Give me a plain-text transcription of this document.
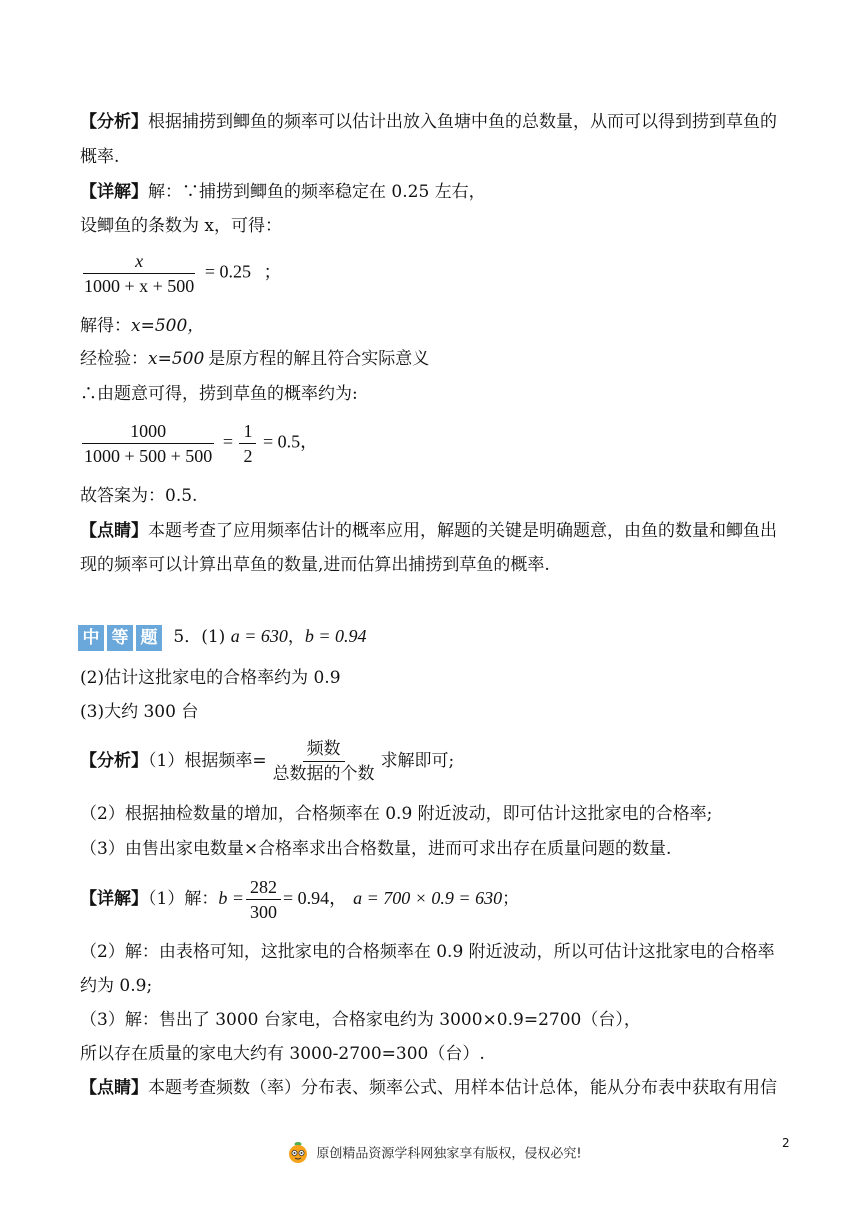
【分析】根据捕捞到鲫鱼的频率可以估计出放入鱼塘中鱼的总数量，从而可以得到捞到草鱼的
概率.
【详解】解：∵捕捞到鲫鱼的频率稳定在 0.25 左右，
设鲫鱼的条数为 x，可得：
$\frac{x}{1000 + x + 500} = 0.25$ ；
解得：x=500，
经检验：x=500 是原方程的解且符合实际意义
∴由题意可得，捞到草鱼的概率约为:
$\frac{1000}{1000 + 500 + 500} = \frac{1}{2} = 0.5$，
故答案为：0.5.
【点睛】本题考查了应用频率估计的概率应用，解题的关键是明确题意，由鱼的数量和鲫鱼出
现的频率可以计算出草鱼的数量,进而估算出捕捞到草鱼的概率.
中 等 题 5．(1) a = 630，b = 0.94
(2)估计这批家电的合格率约为 0.9
(3)大约 300 台
【分析】（1）根据频率= $\frac{\text{频数}}{\text{总数据的个数}}$ 求解即可;
（2）根据抽检数量的增加，合格频率在 0.9 附近波动，即可估计这批家电的合格率;
（3）由售出家电数量×合格率求出合格数量，进而可求出存在质量问题的数量.
【详解】（1）解：$b = \frac{282}{300} = 0.94$， a = 700 × 0.9 = 630；
（2）解：由表格可知，这批家电的合格频率在 0.9 附近波动，所以可估计这批家电的合格率
约为 0.9;
（3）解：售出了 3000 台家电，合格家电约为 3000×0.9=2700（台），
所以存在质量的家电大约有 3000-2700=300（台）.
【点睛】本题考查频数（率）分布表、频率公式、用样本估计总体，能从分布表中获取有用信
2
原创精品资源学科网独家享有版权，侵权必究!
